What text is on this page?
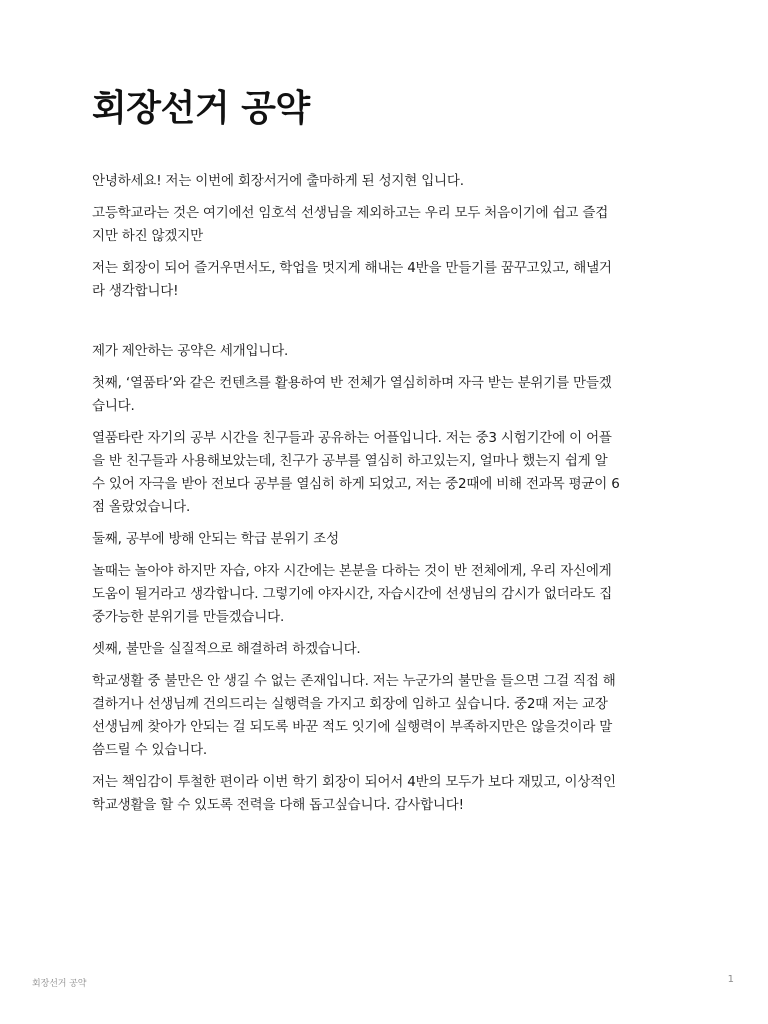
회장선거 공약

안녕하세요! 저는 이번에 회장서거에 출마하게 된 성지현 입니다.

고등학교라는 것은 여기에선 임호석 선생님을 제외하고는 우리 모두 처음이기에 쉽고 즐겁
지만 하진 않겠지만

저는 회장이 되어 즐거우면서도, 학업을 멋지게 해내는 4반을 만들기를 꿈꾸고있고, 해낼거
라 생각합니다!

제가 제안하는 공약은 세개입니다.

첫째, ‘열품타’와 같은 컨텐츠를 활용하여 반 전체가 열심히하며 자극 받는 분위기를 만들겠
습니다.

열품타란 자기의 공부 시간을 친구들과 공유하는 어플입니다. 저는 중3 시험기간에 이 어플
을 반 친구들과 사용해보았는데, 친구가 공부를 열심히 하고있는지, 얼마나 했는지 쉽게 알
수 있어 자극을 받아 전보다 공부를 열심히 하게 되었고, 저는 중2때에 비해 전과목 평균이 6
점 올랐었습니다.

둘째, 공부에 방해 안되는 학급 분위기 조성

놀때는 놀아야 하지만 자습, 야자 시간에는 본분을 다하는 것이 반 전체에게, 우리 자신에게
도움이 될거라고 생각합니다. 그렇기에 야자시간, 자습시간에 선생님의 감시가 없더라도 집
중가능한 분위기를 만들겠습니다.

셋째, 불만을 실질적으로 해결하려 하겠습니다.

학교생활 중 불만은 안 생길 수 없는 존재입니다. 저는 누군가의 불만을 들으면 그걸 직접 해
결하거나 선생님께 건의드리는 실행력을 가지고 회장에 임하고 싶습니다. 중2때 저는 교장
선생님께 찾아가 안되는 걸 되도록 바꾼 적도 잇기에 실행력이 부족하지만은 않을것이라 말
씀드릴 수 있습니다.

저는 책임감이 투철한 편이라 이번 학기 회장이 되어서 4반의 모두가 보다 재밌고, 이상적인
학교생활을 할 수 있도록 전력을 다해 돕고싶습니다. 감사합니다!

회장선거 공약	1
